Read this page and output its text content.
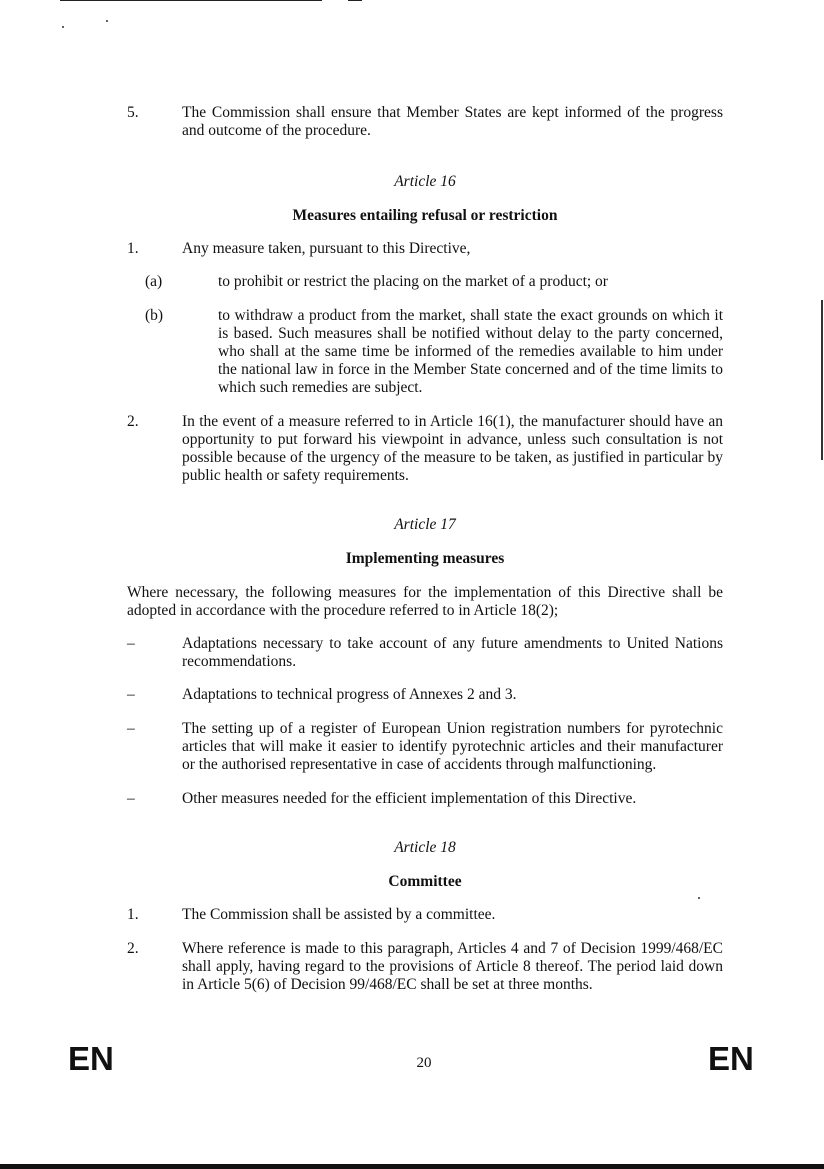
5.	The Commission shall ensure that Member States are kept informed of the progress and outcome of the procedure.
Article 16
Measures entailing refusal or restriction
1.	Any measure taken, pursuant to this Directive,
(a)	to prohibit or restrict the placing on the market of a product; or
(b)	to withdraw a product from the market, shall state the exact grounds on which it is based. Such measures shall be notified without delay to the party concerned, who shall at the same time be informed of the remedies available to him under the national law in force in the Member State concerned and of the time limits to which such remedies are subject.
2.	In the event of a measure referred to in Article 16(1), the manufacturer should have an opportunity to put forward his viewpoint in advance, unless such consultation is not possible because of the urgency of the measure to be taken, as justified in particular by public health or safety requirements.
Article 17
Implementing measures
Where necessary, the following measures for the implementation of this Directive shall be adopted in accordance with the procedure referred to in Article 18(2);
–	Adaptations necessary to take account of any future amendments to United Nations recommendations.
–	Adaptations to technical progress of Annexes 2 and 3.
–	The setting up of a register of European Union registration numbers for pyrotechnic articles that will make it easier to identify pyrotechnic articles and their manufacturer or the authorised representative in case of accidents through malfunctioning.
–	Other measures needed for the efficient implementation of this Directive.
Article 18
Committee
1.	The Commission shall be assisted by a committee.
2.	Where reference is made to this paragraph, Articles 4 and 7 of Decision 1999/468/EC shall apply, having regard to the provisions of Article 8 thereof. The period laid down in Article 5(6) of Decision 99/468/EC shall be set at three months.
EN	20	EN
